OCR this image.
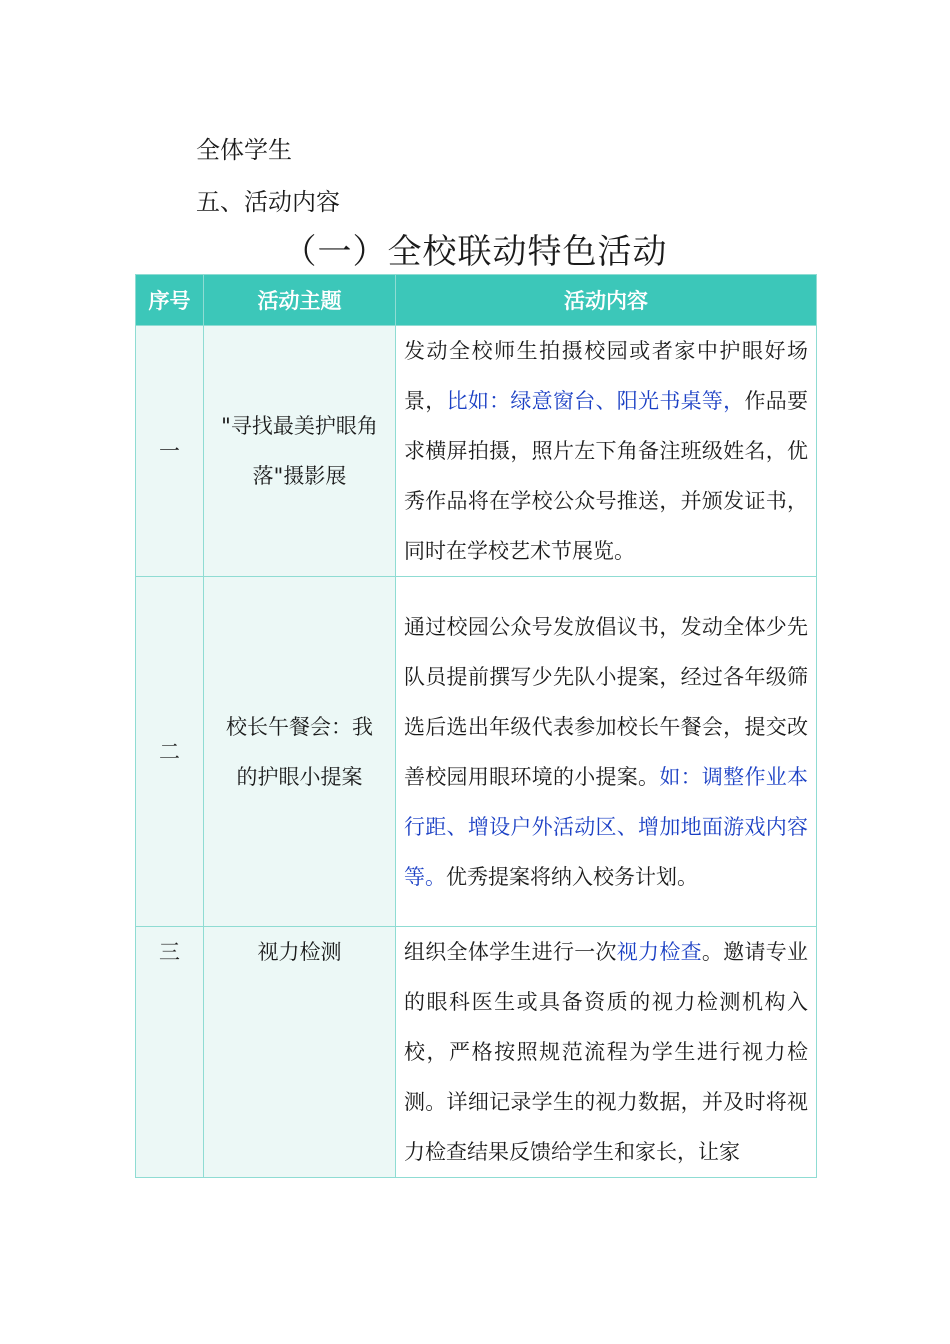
全体学生

五、活动内容

（一）全校联动特色活动
序号	活动主题	活动内容
一	"寻找最美护眼角落"摄影展	发动全校师生拍摄校园或者家中护眼好场景，比如：绿意窗台、阳光书桌等，作品要求横屏拍摄，照片左下角备注班级姓名，优秀作品将在学校公众号推送，并颁发证书，同时在学校艺术节展览。
二	校长午餐会：我的护眼小提案	通过校园公众号发放倡议书，发动全体少先队员提前撰写少先队小提案，经过各年级筛选后选出年级代表参加校长午餐会，提交改善校园用眼环境的小提案。如：调整作业本行距、增设户外活动区、增加地面游戏内容等。优秀提案将纳入校务计划。
三	视力检测	组织全体学生进行一次视力检查。邀请专业的眼科医生或具备资质的视力检测机构入校，严格按照规范流程为学生进行视力检测。详细记录学生的视力数据，并及时将视力检查结果反馈给学生和家长，让家
